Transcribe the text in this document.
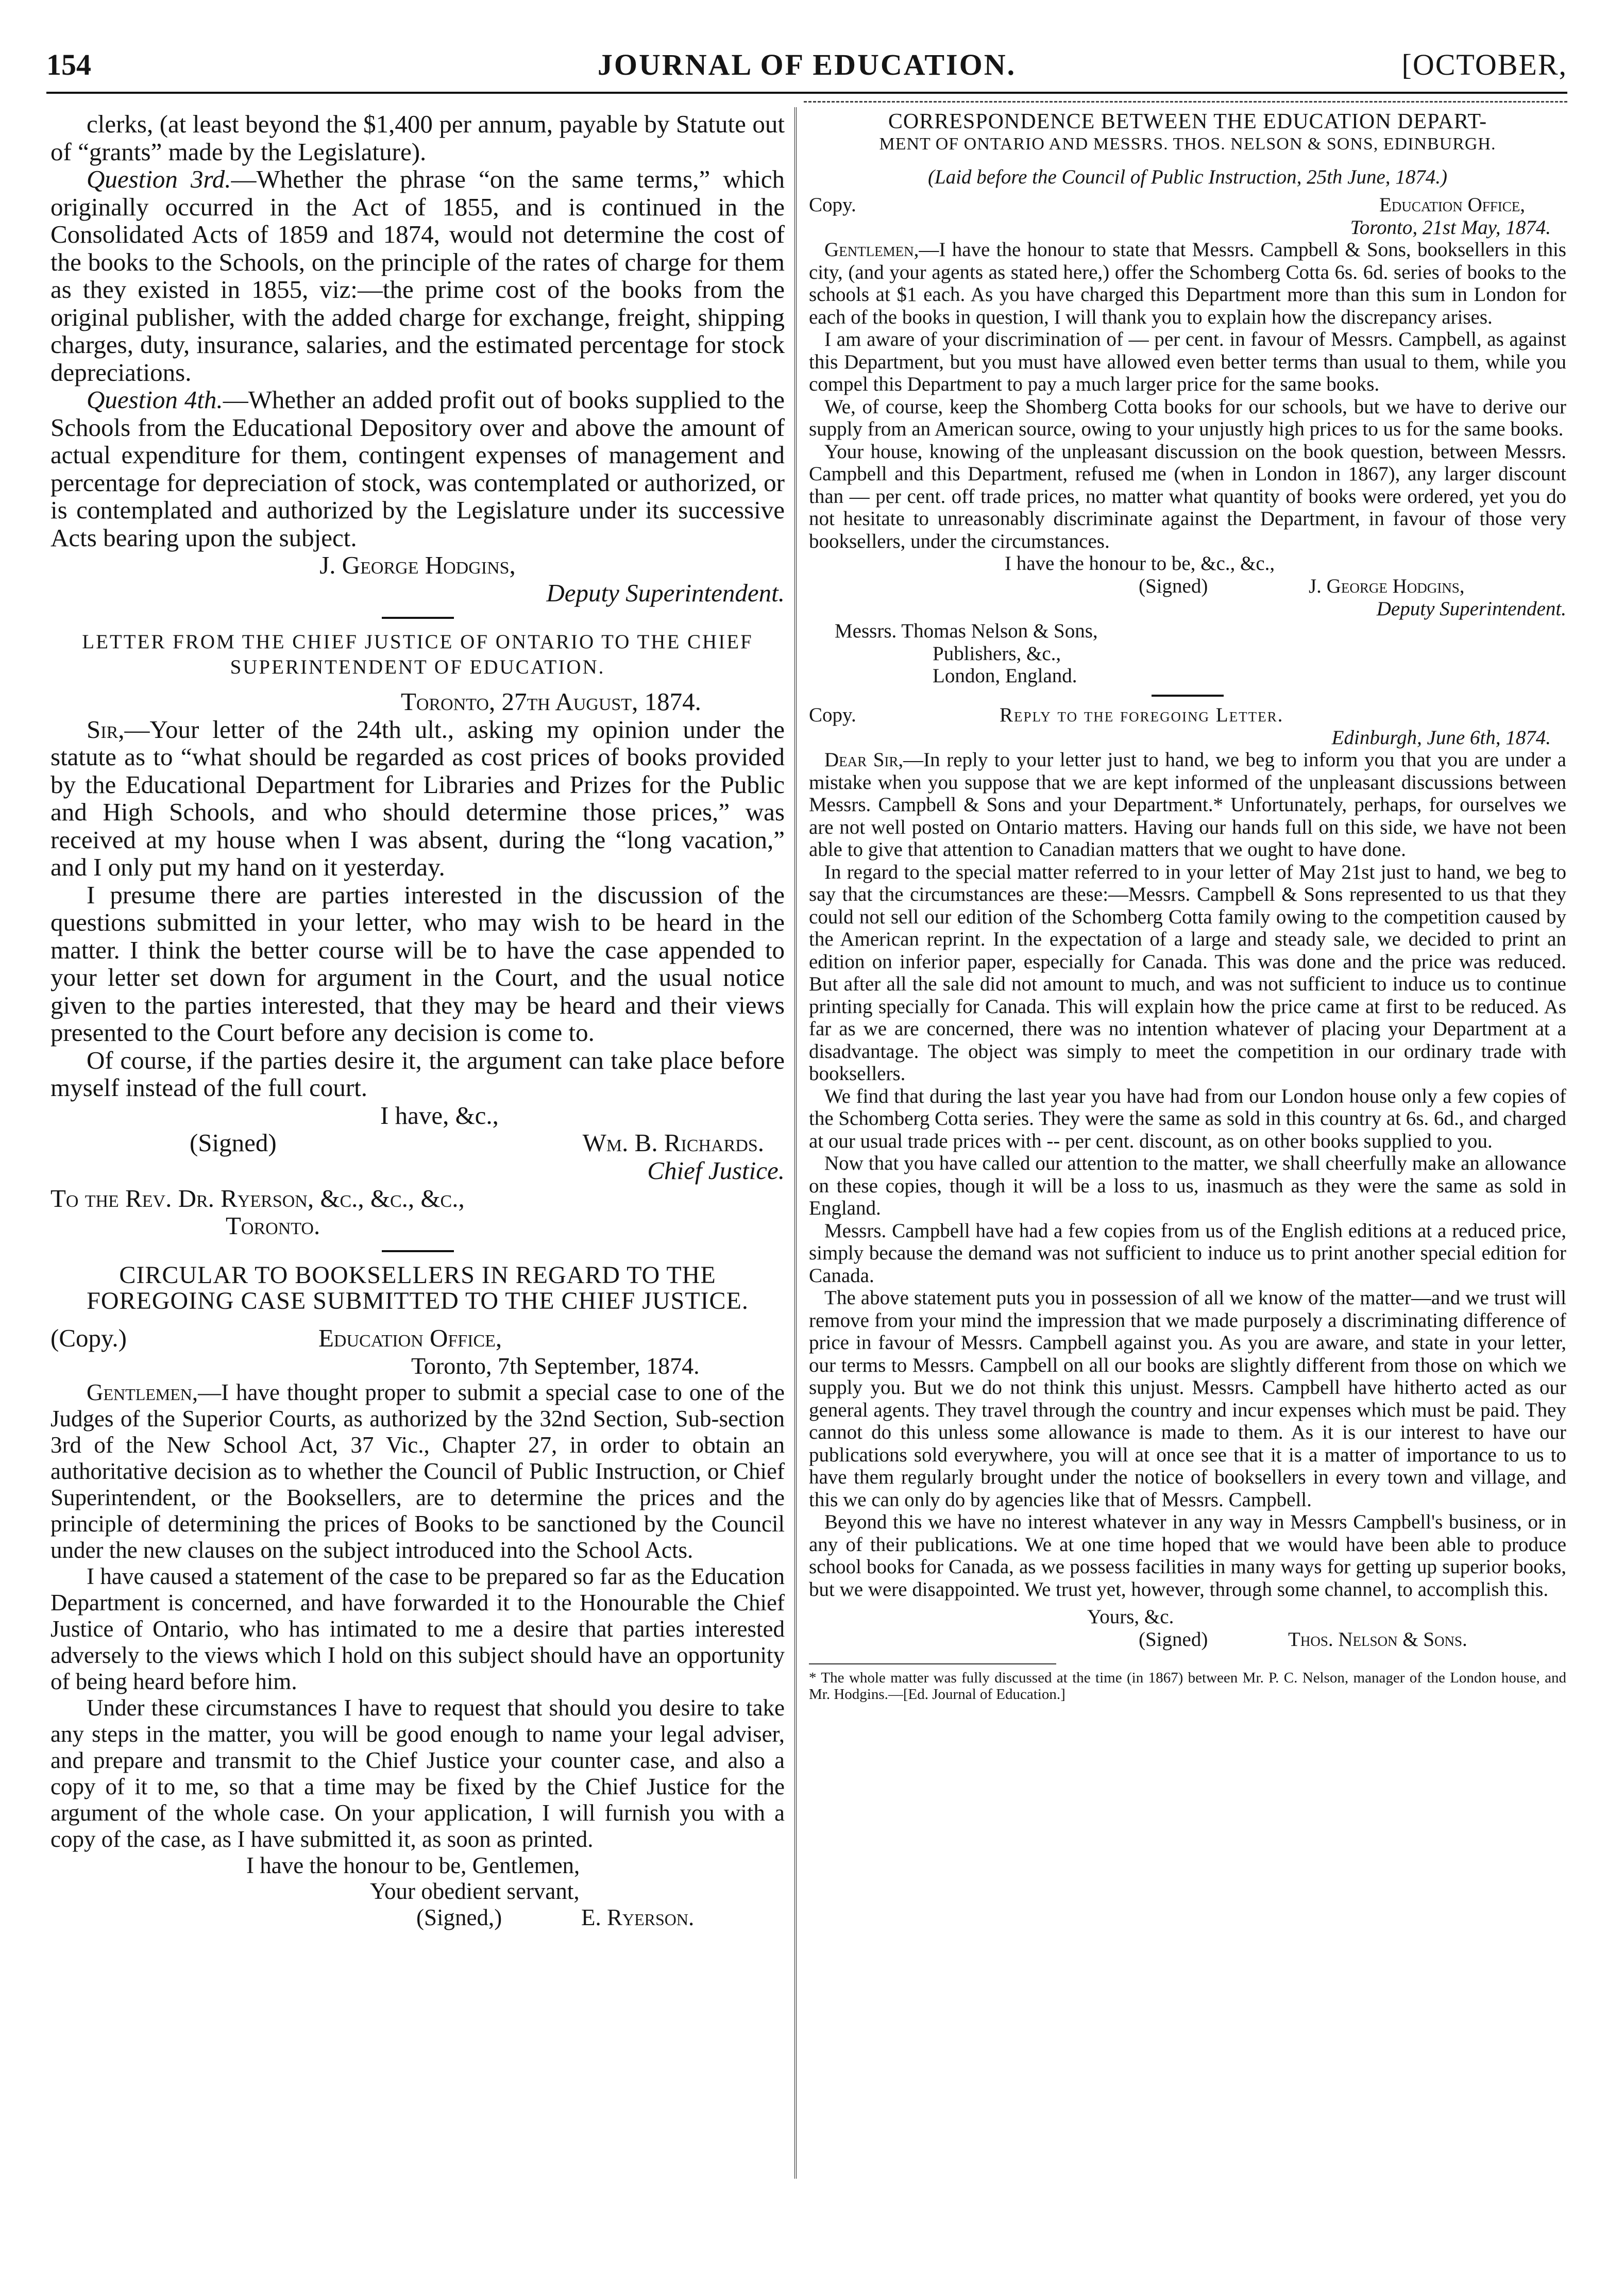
154	JOURNAL OF EDUCATION.	[OCTOBER,

clerks, (at least beyond the $1,400 per annum, payable by Statute out of “grants” made by the Legislature).

Question 3rd.—Whether the phrase “on the same terms,” which originally occurred in the Act of 1855, and is continued in the Consolidated Acts of 1859 and 1874, would not determine the cost of the books to the Schools, on the principle of the rates of charge for them as they existed in 1855, viz:—the prime cost of the books from the original publisher, with the added charge for exchange, freight, shipping charges, duty, insurance, salaries, and the estimated percentage for stock depreciations.

Question 4th.—Whether an added profit out of books supplied to the Schools from the Educational Depository over and above the amount of actual expenditure for them, contingent expenses of management and percentage for depreciation of stock, was contemplated or authorized, or is contemplated and authorized by the Legislature under its successive Acts bearing upon the subject.

J. George Hodgins,

Deputy Superintendent.

LETTER FROM THE CHIEF JUSTICE OF ONTARIO TO THE CHIEF SUPERINTENDENT OF EDUCATION.

Toronto, 27th August, 1874.

Sir,—Your letter of the 24th ult., asking my opinion under the statute as to “what should be regarded as cost prices of books provided by the Educational Department for Libraries and Prizes for the Public and High Schools, and who should determine those prices,” was received at my house when I was absent, during the “long vacation,” and I only put my hand on it yesterday.

I presume there are parties interested in the discussion of the questions submitted in your letter, who may wish to be heard in the matter. I think the better course will be to have the case appended to your letter set down for argument in the Court, and the usual notice given to the parties interested, that they may be heard and their views presented to the Court before any decision is come to.

Of course, if the parties desire it, the argument can take place before myself instead of the full court.

I have, &c.,

(Signed)	Wm. B. Richards.

Chief Justice.

To the Rev. Dr. Ryerson, &c., &c., &c.,

Toronto.

CIRCULAR TO BOOKSELLERS IN REGARD TO THE FOREGOING CASE SUBMITTED TO THE CHIEF JUSTICE.
(Copy.)	Education Office,

Toronto, 7th September, 1874.

Gentlemen,—I have thought proper to submit a special case to one of the Judges of the Superior Courts, as authorized by the 32nd Section, Sub-section 3rd of the New School Act, 37 Vic., Chapter 27, in order to obtain an authoritative decision as to whether the Council of Public Instruction, or Chief Superintendent, or the Booksellers, are to determine the prices and the principle of determining the prices of Books to be sanctioned by the Council under the new clauses on the subject introduced into the School Acts.

I have caused a statement of the case to be prepared so far as the Education Department is concerned, and have forwarded it to the Honourable the Chief Justice of Ontario, who has intimated to me a desire that parties interested adversely to the views which I hold on this subject should have an opportunity of being heard before him.

Under these circumstances I have to request that should you desire to take any steps in the matter, you will be good enough to name your legal adviser, and prepare and transmit to the Chief Justice your counter case, and also a copy of it to me, so that a time may be fixed by the Chief Justice for the argument of the whole case. On your application, I will furnish you with a copy of the case, as I have submitted it, as soon as printed.

I have the honour to be, Gentlemen,

Your obedient servant,

(Signed,)	E. Ryerson.
CORRESPONDENCE BETWEEN THE EDUCATION DEPART-
MENT OF ONTARIO AND MESSRS. THOS. NELSON & SONS, EDINBURGH.

(Laid before the Council of Public Instruction, 25th June, 1874.)

Copy.	Education Office,

Toronto, 21st May, 1874.

Gentlemen,—I have the honour to state that Messrs. Campbell & Sons, booksellers in this city, (and your agents as stated here,) offer the Schomberg Cotta 6s. 6d. series of books to the schools at $1 each. As you have charged this Department more than this sum in London for each of the books in question, I will thank you to explain how the discrepancy arises.

I am aware of your discrimination of — per cent. in favour of Messrs. Campbell, as against this Department, but you must have allowed even better terms than usual to them, while you compel this Department to pay a much larger price for the same books.

We, of course, keep the Shomberg Cotta books for our schools, but we have to derive our supply from an American source, owing to your unjustly high prices to us for the same books.

Your house, knowing of the unpleasant discussion on the book question, between Messrs. Campbell and this Department, refused me (when in London in 1867), any larger discount than — per cent. off trade prices, no matter what quantity of books were ordered, yet you do not hesitate to unreasonably discriminate against the Department, in favour of those very booksellers, under the circumstances.

I have the honour to be, &c., &c.,

(Signed)	J. George Hodgins,

Deputy Superintendent.

Messrs. Thomas Nelson & Sons,

Publishers, &c.,

London, England.

Copy.	Reply to the foregoing Letter.

Edinburgh, June 6th, 1874.

Dear Sir,—In reply to your letter just to hand, we beg to inform you that you are under a mistake when you suppose that we are kept informed of the unpleasant discussions between Messrs. Campbell & Sons and your Department.* Unfortunately, perhaps, for ourselves we are not well posted on Ontario matters. Having our hands full on this side, we have not been able to give that attention to Canadian matters that we ought to have done.

In regard to the special matter referred to in your letter of May 21st just to hand, we beg to say that the circumstances are these:—Messrs. Campbell & Sons represented to us that they could not sell our edition of the Schomberg Cotta family owing to the competition caused by the American reprint. In the expectation of a large and steady sale, we decided to print an edition on inferior paper, especially for Canada. This was done and the price was reduced. But after all the sale did not amount to much, and was not sufficient to induce us to continue printing specially for Canada. This will explain how the price came at first to be reduced. As far as we are concerned, there was no intention whatever of placing your Department at a disadvantage. The object was simply to meet the competition in our ordinary trade with booksellers.

We find that during the last year you have had from our London house only a few copies of the Schomberg Cotta series. They were the same as sold in this country at 6s. 6d., and charged at our usual trade prices with -- per cent. discount, as on other books supplied to you.

Now that you have called our attention to the matter, we shall cheerfully make an allowance on these copies, though it will be a loss to us, inasmuch as they were the same as sold in England.

Messrs. Campbell have had a few copies from us of the English editions at a reduced price, simply because the demand was not sufficient to induce us to print another special edition for Canada.

The above statement puts you in possession of all we know of the matter—and we trust will remove from your mind the impression that we made purposely a discriminating difference of price in favour of Messrs. Campbell against you. As you are aware, and state in your letter, our terms to Messrs. Campbell on all our books are slightly different from those on which we supply you. But we do not think this unjust. Messrs. Campbell have hitherto acted as our general agents. They travel through the country and incur expenses which must be paid. They cannot do this unless some allowance is made to them. As it is our interest to have our publications sold everywhere, you will at once see that it is a matter of importance to us to have them regularly brought under the notice of booksellers in every town and village, and this we can only do by agencies like that of Messrs. Campbell.

Beyond this we have no interest whatever in any way in Messrs Campbell's business, or in any of their publications. We at one time hoped that we would have been able to produce school books for Canada, as we possess facilities in many ways for getting up superior books, but we were disappointed. We trust yet, however, through some channel, to accomplish this.

Yours, &c.

(Signed)	Thos. Nelson & Sons.

* The whole matter was fully discussed at the time (in 1867) between Mr. P. C. Nelson, manager of the London house, and Mr. Hodgins.—[Ed. Journal of Education.]
